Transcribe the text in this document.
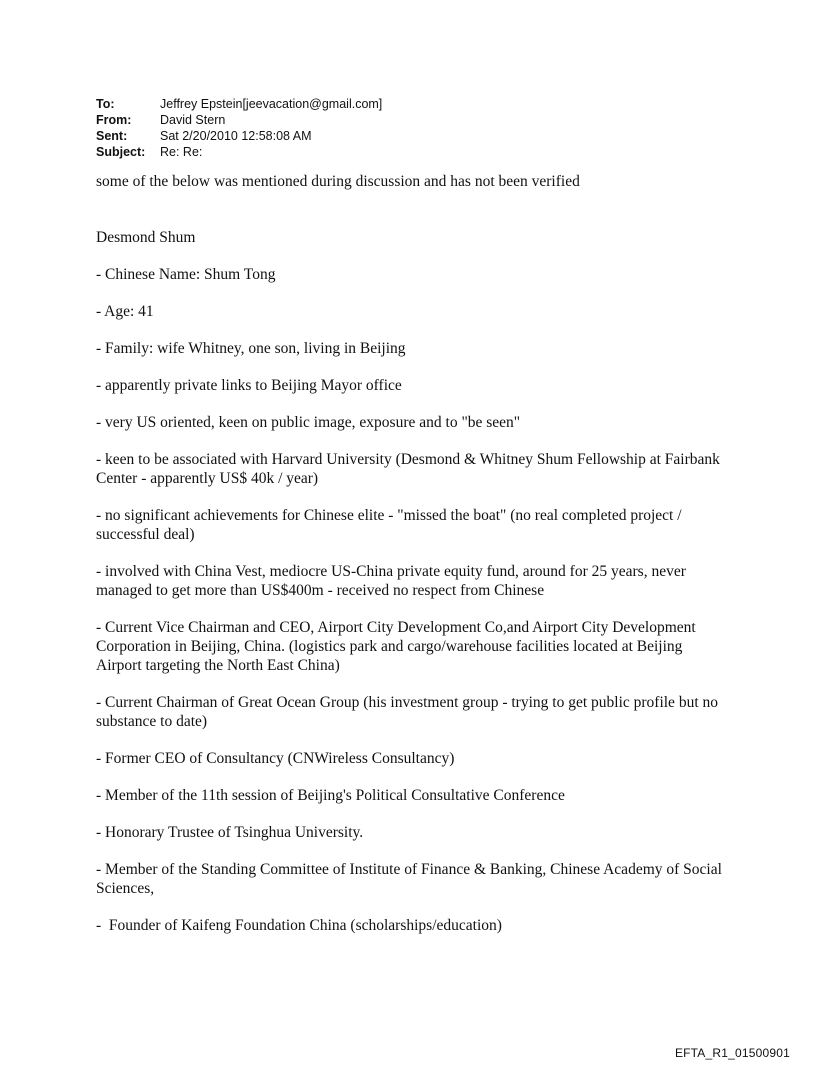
To:	Jeffrey Epstein[jeevacation@gmail.com]
From:	David Stern
Sent:	Sat 2/20/2010 12:58:08 AM
Subject:	Re: Re:

some of the below was mentioned during discussion and has not been verified

Desmond Shum

- Chinese Name: Shum Tong

- Age: 41

- Family: wife Whitney, one son, living in Beijing

- apparently private links to Beijing Mayor office

- very US oriented, keen on public image, exposure and to "be seen"

- keen to be associated with Harvard University (Desmond & Whitney Shum Fellowship at Fairbank Center - apparently US$ 40k / year)

- no significant achievements for Chinese elite - "missed the boat" (no real completed project / successful deal)

- involved with China Vest, mediocre US-China private equity fund, around for 25 years, never managed to get more than US$400m - received no respect from Chinese

- Current Vice Chairman and CEO, Airport City Development Co,and Airport City Development Corporation in Beijing, China. (logistics park and cargo/warehouse facilities located at Beijing Airport targeting the North East China)

- Current Chairman of Great Ocean Group (his investment group - trying to get public profile but no substance to date)

- Former CEO of Consultancy (CNWireless Consultancy)

- Member of the 11th session of Beijing's Political Consultative Conference

- Honorary Trustee of Tsinghua University.

- Member of the Standing Committee of Institute of Finance & Banking, Chinese Academy of Social Sciences,

-  Founder of Kaifeng Foundation China (scholarships/education)

EFTA_R1_01500901
